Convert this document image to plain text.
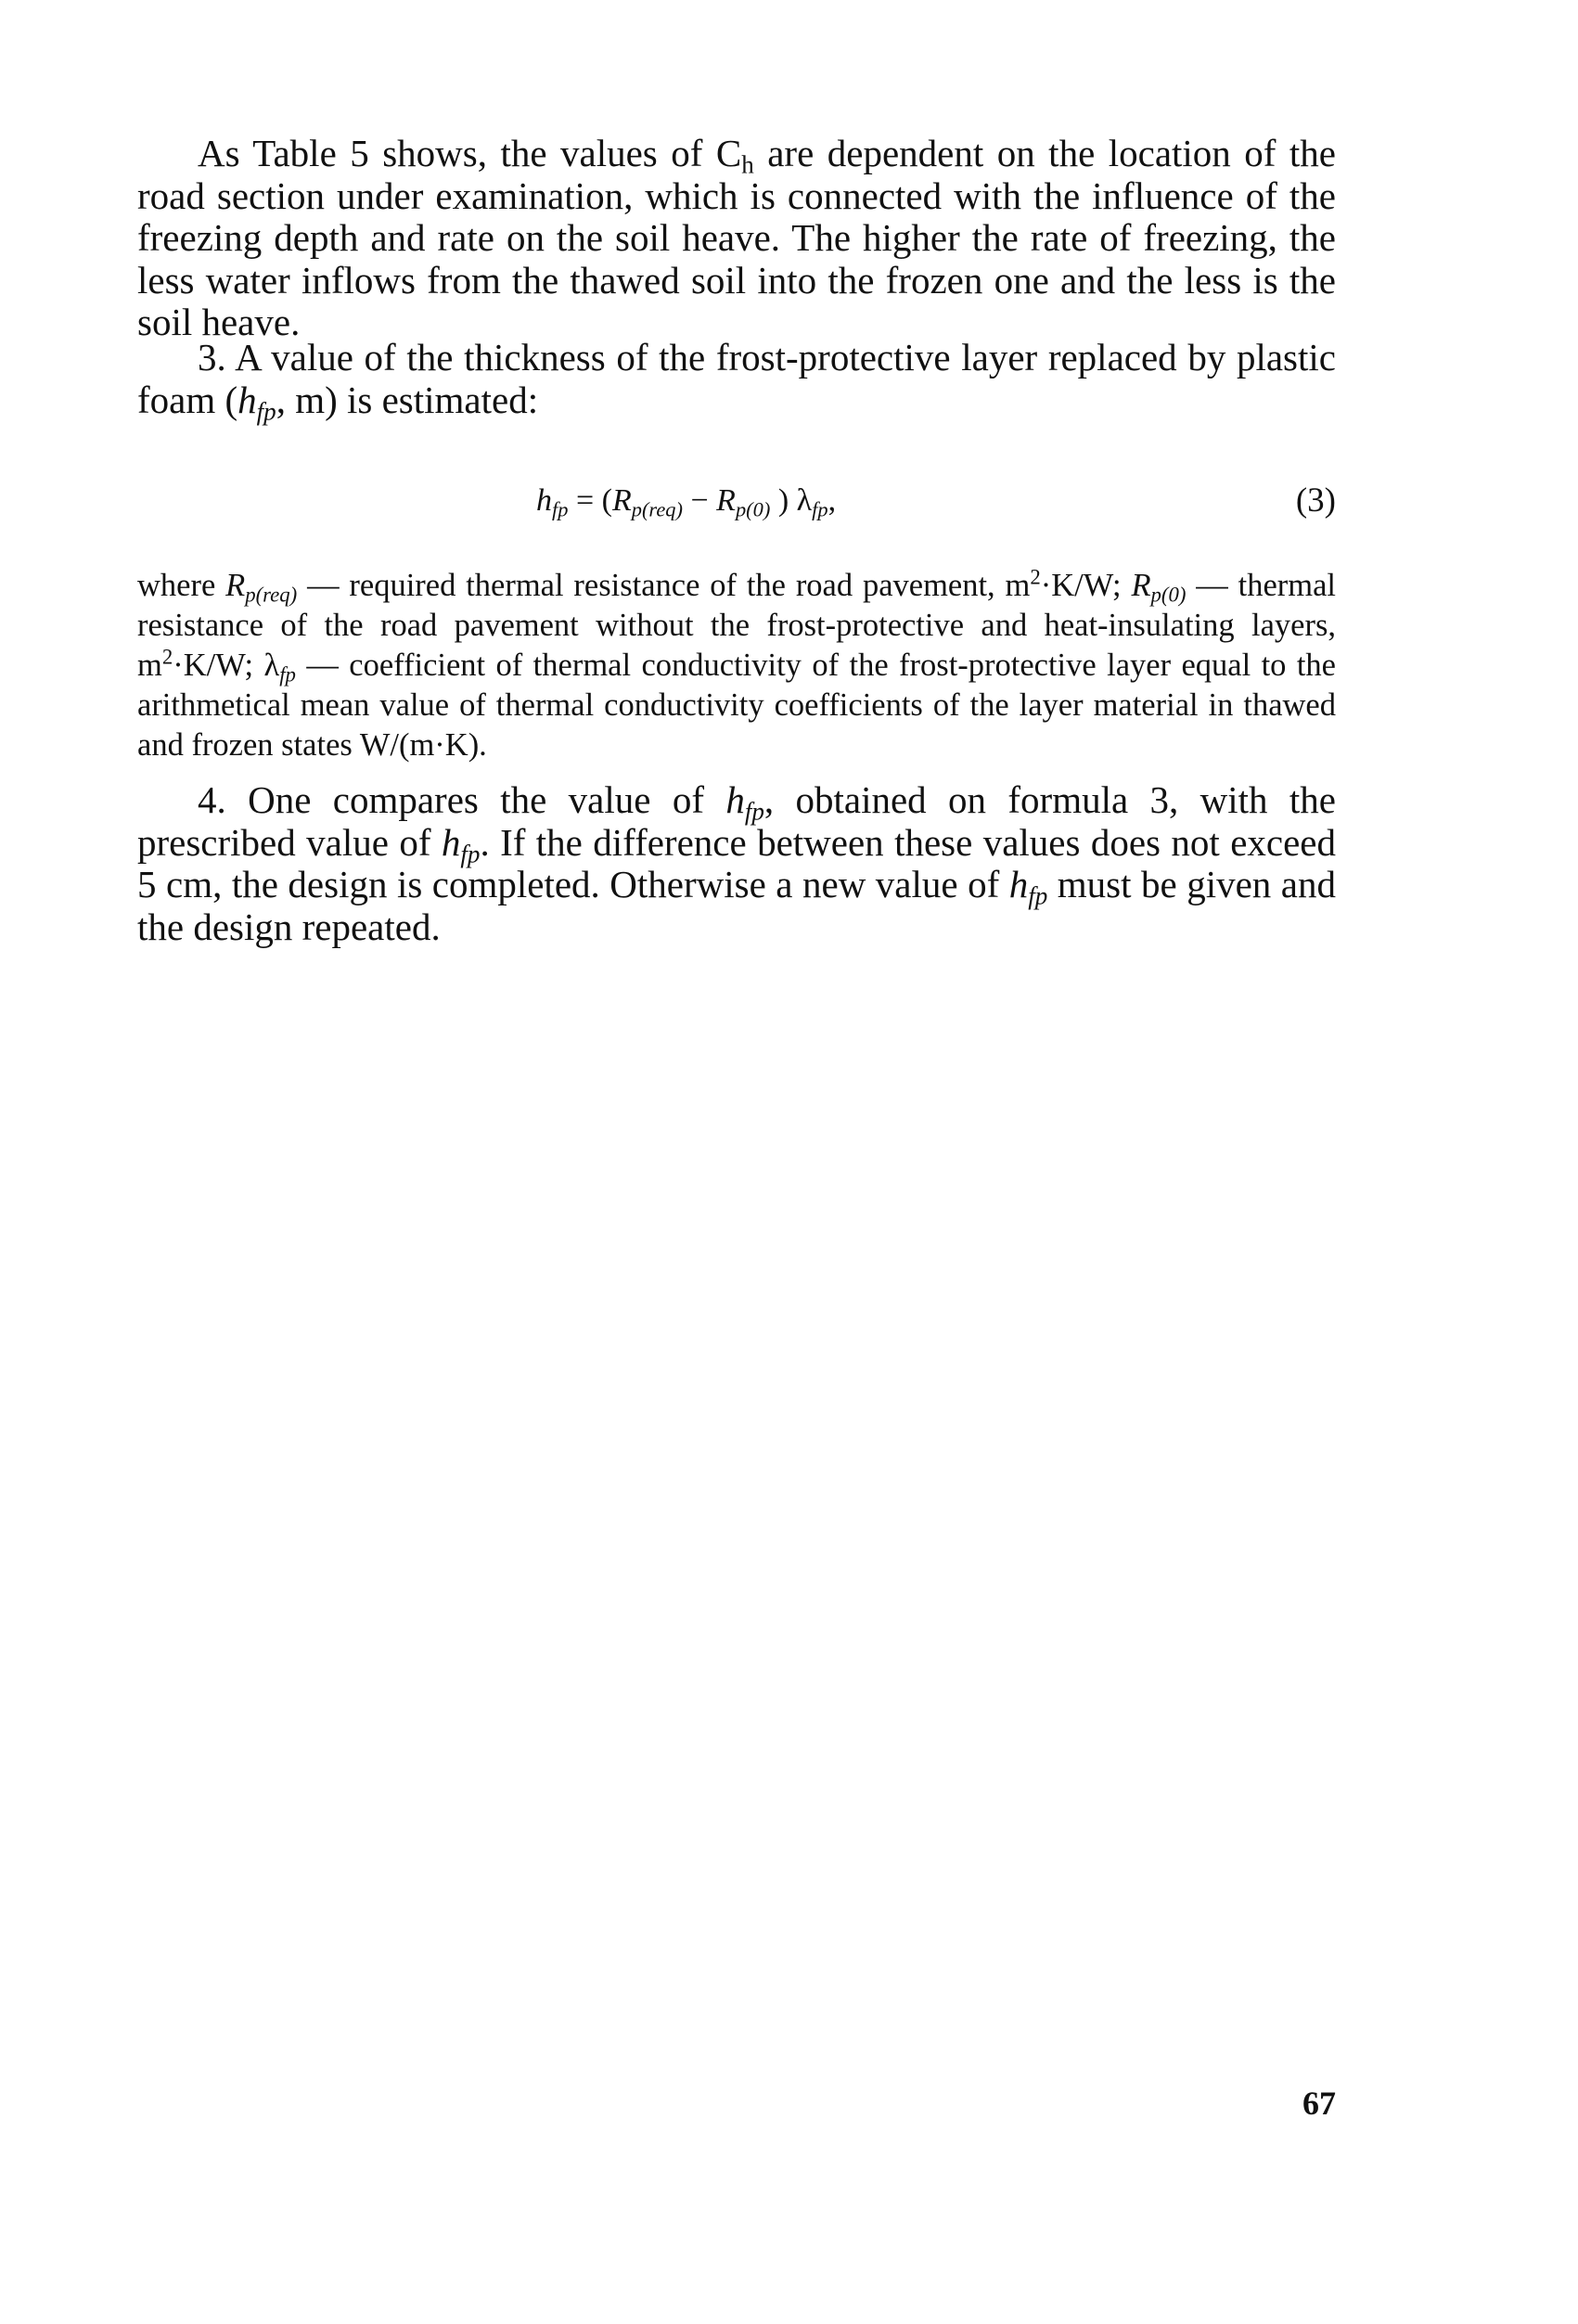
As Table 5 shows, the values of $C_h$ are dependent on the location of the road section under examination, which is connected with the influence of the freezing depth and rate on the soil heave. The higher the rate of freezing, the less water inflows from the thawed soil into the frozen one and the less is the soil heave.

3. A value of the thickness of the frost-protective layer replaced by plastic foam ($h_{fp}$, m) is estimated:

$h_{fp} = (R_{p(req)} - R_{p(0)}$ ) $\lambda_{fp}$,	(3)

where $R_{p(req)}$ — required thermal resistance of the road pavement, $m^2\cdot K/W$; $R_{p(0)}$ — thermal resistance of the road pavement without the frost-protective and heat-insulating layers, $m^2\cdot K/W$; $\lambda_{fp}$ — coefficient of thermal conductivity of the frost-protective layer equal to the arithmetical mean value of thermal conductivity coefficients of the layer material in thawed and frozen states W/(m·K).

4. One compares the value of $h_{fp}$, obtained on formula 3, with the prescribed value of $h_{fp}$. If the difference between these values does not exceed 5 cm, the design is completed. Otherwise a new value of $h_{fp}$ must be given and the design repeated.

67
